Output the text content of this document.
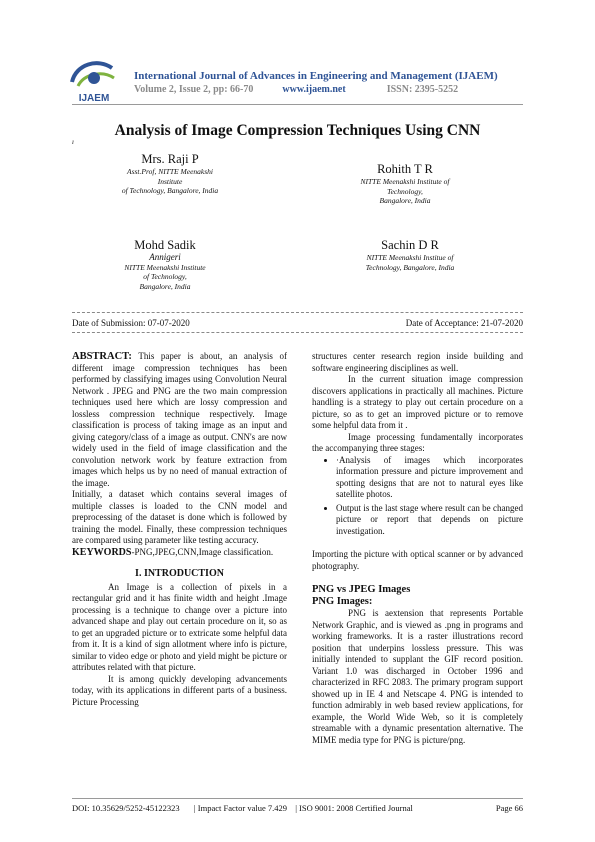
IJAEM
International Journal of Advances in Engineering and Management (IJAEM)
Volume 2, Issue 2, pp: 66-70	www.ijaem.net	ISSN: 2395-5252
ı
Analysis of Image Compression Techniques Using CNN
Mrs. Raji P
Asst.Prof, NITTE Meenakshi
Institute
of Technology, Bangalore, India
Rohith T R
NITTE Meenakshi Institute of
Technology,
Bangalore, India
Mohd Sadik
Annigeri
NITTE Meenakshi Institute
of Technology,
Bangalore, India
Sachin D R
NITTE Meenakshi Institue of
Technology, Bangalore, India
Date of Submission: 07-07-2020	Date of Acceptance: 21-07-2020

ABSTRACT: This paper is about, an analysis of different image compression techniques has been performed by classifying images using Convolution Neural Network . JPEG and PNG are the two main compression techniques used here which are lossy compression and lossless compression technique respectively. Image classification is process of taking image as an input and giving category/class of a image as output. CNN's are now widely used in the field of image classification and the convolution network work by feature extraction from images which helps us by no need of manual extraction of the image.

Initially, a dataset which contains several images of multiple classes is loaded to the CNN model and preprocessing of the dataset is done which is followed by training the model. Finally, these compression techniques are compared using parameter like testing accuracy.

KEYWORDS-PNG,JPEG,CNN,Image classification.

I. INTRODUCTION

An Image is a collection of pixels in a rectangular grid and it has finite width and height .Image processing is a technique to change over a picture into advanced shape and play out certain procedure on it, so as to get an upgraded picture or to extricate some helpful data from it. It is a kind of sign allotment where info is picture, similar to video edge or photo and yield might be picture or attributes related with that picture.

It is among quickly developing advancements today, with its applications in different parts of a business. Picture Processing

structures center research region inside building and software engineering disciplines as well.

In the current situation image compression discovers applications in practically all machines. Picture handling is a strategy to play out certain procedure on a picture, so as to get an improved picture or to remove some helpful data from it .

Image processing fundamentally incorporates the accompanying three stages:

• ·Analysis of images which incorporates information pressure and picture improvement and spotting designs that are not to natural eyes like satellite photos.
• Output is the last stage where result can be changed picture or report that depends on picture investigation.

Importing the picture with optical scanner or by advanced photography.

PNG vs JPEG Images
PNG Images:

PNG is aextension that represents Portable Network Graphic, and is viewed as .png in programs and working frameworks. It is a raster illustrations record position that underpins lossless pressure. This was initially intended to supplant the GIF record position. Variant 1.0 was discharged in October 1996 and characterized in RFC 2083. The primary program support showed up in IE 4 and Netscape 4. PNG is intended to function admirably in web based review applications, for example, the World Wide Web, so it is completely streamable with a dynamic presentation alternative. The MIME media type for PNG is picture/png.

DOI: 10.35629/5252-45122323 | Impact Factor value 7.429 | ISO 9001: 2008 Certified Journal	Page 66
